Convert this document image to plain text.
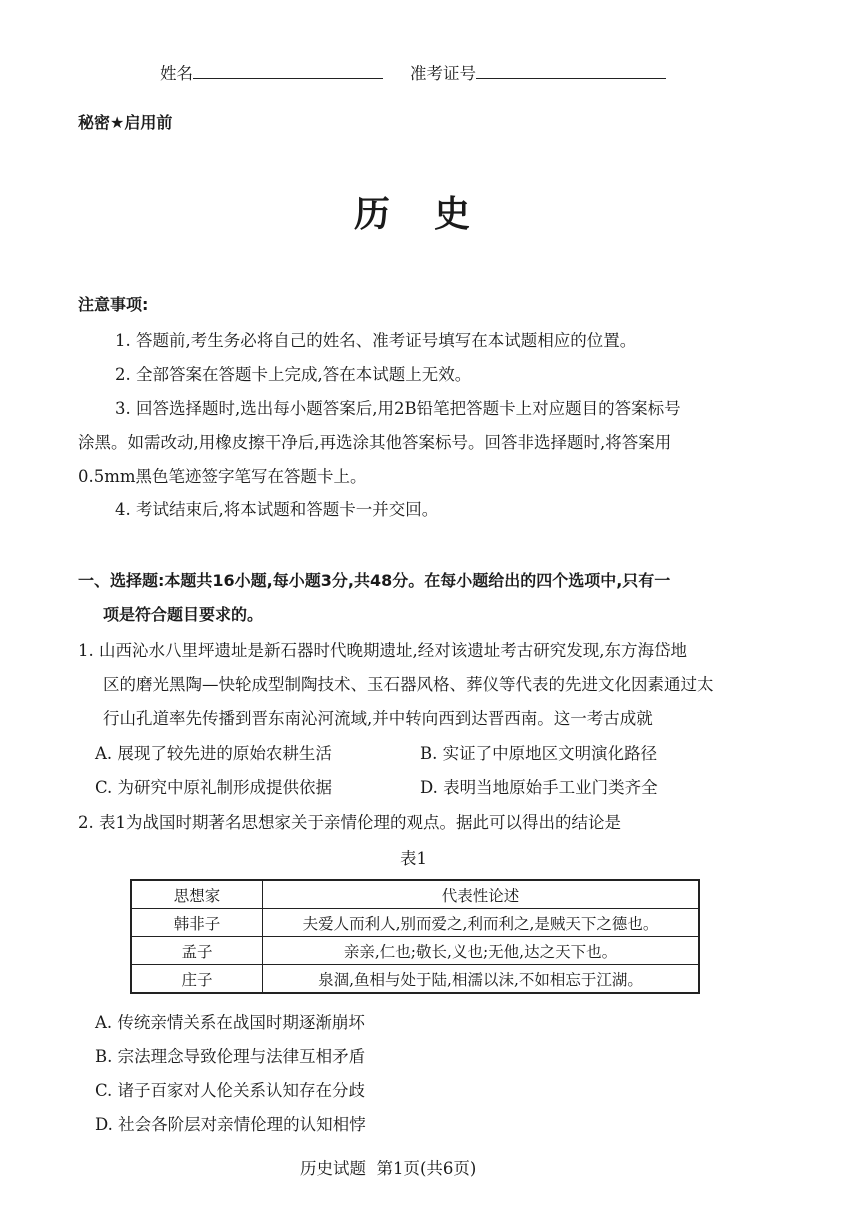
姓名	准考证号
秘密★启用前
历史
注意事项:
1. 答题前,考生务必将自己的姓名、准考证号填写在本试题相应的位置。
2. 全部答案在答题卡上完成,答在本试题上无效。
3. 回答选择题时,选出每小题答案后,用2B铅笔把答题卡上对应题目的答案标号
涂黑。如需改动,用橡皮擦干净后,再选涂其他答案标号。回答非选择题时,将答案用
0.5mm黑色笔迹签字笔写在答题卡上。
4. 考试结束后,将本试题和答题卡一并交回。
一、选择题:本题共16小题,每小题3分,共48分。在每小题给出的四个选项中,只有一
项是符合题目要求的。
1. 山西沁水八里坪遗址是新石器时代晚期遗址,经对该遗址考古研究发现,东方海岱地
区的磨光黑陶—快轮成型制陶技术、玉石器风格、葬仪等代表的先进文化因素通过太
行山孔道率先传播到晋东南沁河流域,并中转向西到达晋西南。这一考古成就
A. 展现了较先进的原始农耕生活	B. 实证了中原地区文明演化路径
C. 为研究中原礼制形成提供依据	D. 表明当地原始手工业门类齐全
2. 表1为战国时期著名思想家关于亲情伦理的观点。据此可以得出的结论是
表1
思想家	代表性论述
韩非子	夫爱人而利人,别而爱之,利而利之,是贼天下之德也。
孟子	亲亲,仁也;敬长,义也;无他,达之天下也。
庄子	泉涸,鱼相与处于陆,相濡以沫,不如相忘于江湖。
A. 传统亲情关系在战国时期逐渐崩坏
B. 宗法理念导致伦理与法律互相矛盾
C. 诸子百家对人伦关系认知存在分歧
D. 社会各阶层对亲情伦理的认知相悖
历史试题  第1页(共6页)
